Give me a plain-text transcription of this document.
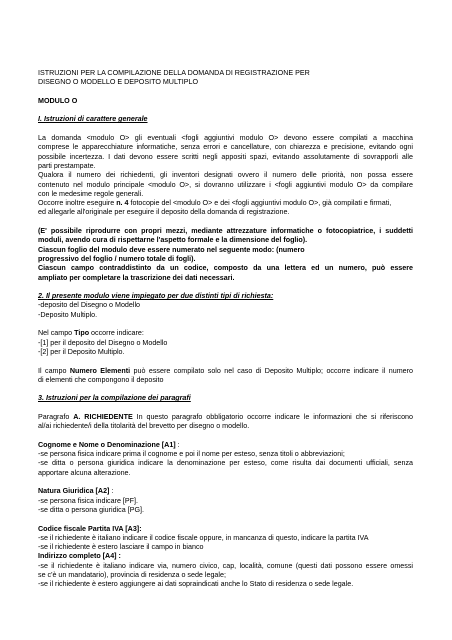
ISTRUZIONI PER LA COMPILAZIONE DELLA DOMANDA DI REGISTRAZIONE PER
DISEGNO O MODELLO E DEPOSITO MULTIPLO

MODULO O

I. Istruzioni di carattere generale

La domanda <modulo O> gli eventuali <fogli aggiuntivi modulo O> devono essere compilati a macchina

comprese le apparecchiature informatiche, senza errori e cancellature, con chiarezza e precisione, evitando ogni

possibile incertezza. I dati devono essere scritti negli appositi spazi, evitando assolutamente di sovrapporli alle

parti prestampate.

Qualora il numero dei richiedenti, gli inventori designati ovvero il numero delle priorità, non possa essere

contenuto nel modulo principale <modulo O>, si dovranno utilizzare i <fogli aggiuntivi modulo O> da compilare

con le medesime regole generali.

Occorre inoltre eseguire n. 4 fotocopie del <modulo O> e dei <fogli aggiuntivi modulo O>, già compilati e firmati,

ed allegarle all'originale per eseguire il deposito della domanda di registrazione.

(E' possibile riprodurre con propri mezzi, mediante attrezzature informatiche o fotocopiatrice, i suddetti

moduli, avendo cura di rispettarne l'aspetto formale e la dimensione del foglio).

Ciascun foglio del modulo deve essere numerato nel seguente modo: (numero

progressivo del foglio / numero totale di fogli).

Ciascun campo contraddistinto da un codice, composto da una lettera ed un numero, può essere

ampliato per completare la trascrizione dei dati necessari.

2. Il presente modulo viene impiegato per due distinti tipi di richiesta:

-deposito del Disegno o Modello

-Deposito Multiplo.

Nel campo Tipo occorre indicare:

-[1] per il deposito del Disegno o Modello

-[2] per il Deposito Multiplo.

Il campo Numero Elementi può essere compilato solo nel caso di Deposito Multiplo; occorre indicare il numero

di elementi che compongono il deposito

3. Istruzioni per la compilazione dei paragrafi

Paragrafo A. RICHIEDENTE In questo paragrafo obbligatorio occorre indicare le informazioni che si riferiscono

al/ai richiedente/i della titolarità del brevetto per disegno o modello.

Cognome e Nome o Denominazione [A1] :

-se persona fisica indicare prima il cognome e poi il nome per esteso, senza titoli o abbreviazioni;

-se ditta o persona giuridica indicare la denominazione per esteso, come risulta dai documenti ufficiali, senza

apportare alcuna alterazione.

Natura Giuridica [A2] :

-se persona fisica indicare [PF].

-se ditta o persona giuridica [PG].

Codice fiscale Partita IVA [A3]:

-se il richiedente è italiano indicare il codice fiscale oppure, in mancanza di questo, indicare la partita IVA

-se il richiedente è estero lasciare il campo in bianco

Indirizzo completo [A4] :

-se il richiedente è italiano indicare via, numero civico, cap, località, comune (questi dati possono essere omessi

se c'è un mandatario), provincia di residenza o sede legale;

-se il richiedente è estero aggiungere ai dati sopraindicati anche lo Stato di residenza o sede legale.
